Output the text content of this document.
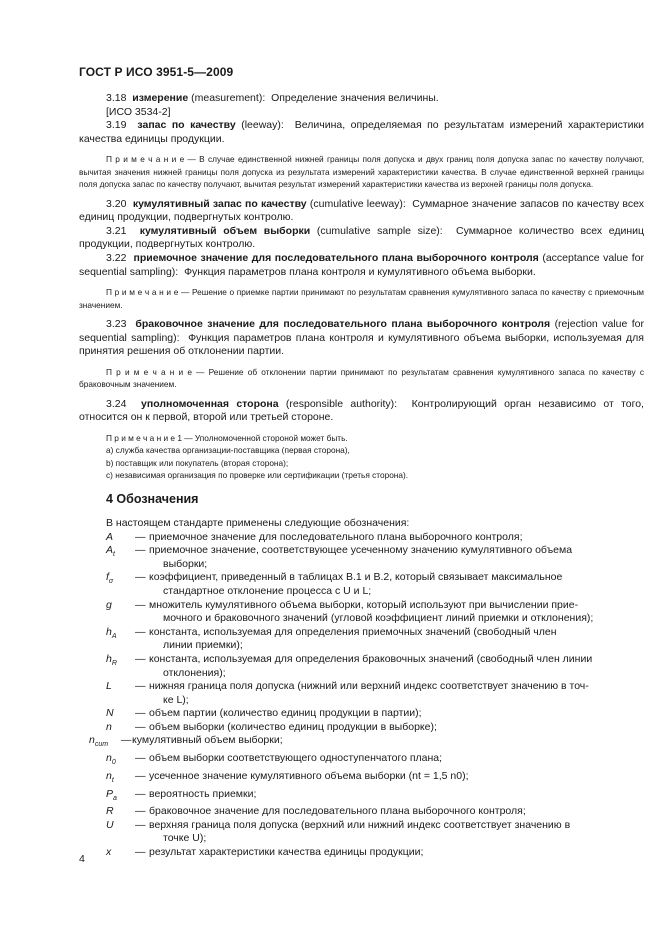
ГОСТ Р ИСО 3951-5—2009

3.18 измерение (measurement): Определение значения величины.

[ИСО 3534-2]

3.19 запас по качеству (leeway): Величина, определяемая по результатам измерений характеристики качества единицы продукции.

П р и м е ч а н и е — В случае единственной нижней границы поля допуска и двух границ поля допуска запас по качеству получают, вычитая значения нижней границы поля допуска из результата измерений характеристики качества. В случае единственной верхней границы поля допуска запас по качеству получают, вычитая результат измерений характеристики качества из верхней границы поля допуска.

3.20 кумулятивный запас по качеству (cumulative leeway): Суммарное значение запасов по качеству всех единиц продукции, подвергнутых контролю.

3.21 кумулятивный объем выборки (cumulative sample size): Суммарное количество всех единиц продукции, подвергнутых контролю.

3.22 приемочное значение для последовательного плана выборочного контроля (acceptance value for sequential sampling): Функция параметров плана контроля и кумулятивного объема выборки.

П р и м е ч а н и е — Решение о приемке партии принимают по результатам сравнения кумулятивного запаса по качеству с приемочным значением.

3.23 браковочное значение для последовательного плана выборочного контроля (rejection value for sequential sampling): Функция параметров плана контроля и кумулятивного объема выборки, используемая для принятия решения об отклонении партии.

П р и м е ч а н и е — Решение об отклонении партии принимают по результатам сравнения кумулятивного запаса по качеству с браковочным значением.

3.24 уполномоченная сторона (responsible authority): Контролирующий орган независимо от того, относится он к первой, второй или третьей стороне.

П р и м е ч а н и е 1 — Уполномоченной стороной может быть.

а) служба качества организации-поставщика (первая сторона),
b) поставщик или покупатель (вторая сторона);
c) независимая организация по проверке или сертификации (третья сторона).
4 Обозначения

В настоящем стандарте применены следующие обозначения:

A	— приемочное значение для последовательного плана выборочного контроля;
$A_t$	— приемочное значение, соответствующее усеченному значению кумулятивного объема
выборки;
$f_\sigma$	— коэффициент, приведенный в таблицах В.1 и В.2, который связывает максимальное
стандартное отклонение процесса с U и L;
g	— множитель кумулятивного объема выборки, который используют при вычислении прие-
мочного и браковочного значений (угловой коэффициент линий приемки и отклонения);
$h_A$	— константа, используемая для определения приемочных значений (свободный член
линии приемки);
$h_R$	— константа, используемая для определения браковочных значений (свободный член линии
отклонения);
L	— нижняя граница поля допуска (нижний или верхний индекс соответствует значению в точ-
ке L);
N	— объем партии (количество единиц продукции в партии);
n	— объем выборки (количество единиц продукции в выборке);
$n_{cum}$ — кумулятивный объем выборки;
$n_0$	— объем выборки соответствующего одноступенчатого плана;
$n_t$	— усеченное значение кумулятивного объема выборки (nt = 1,5 n0);
$P_a$	— вероятность приемки;
R	— браковочное значение для последовательного плана выборочного контроля;
U	— верхняя граница поля допуска (верхний или нижний индекс соответствует значению в
точке U);
x	— результат характеристики качества единицы продукции;
4
